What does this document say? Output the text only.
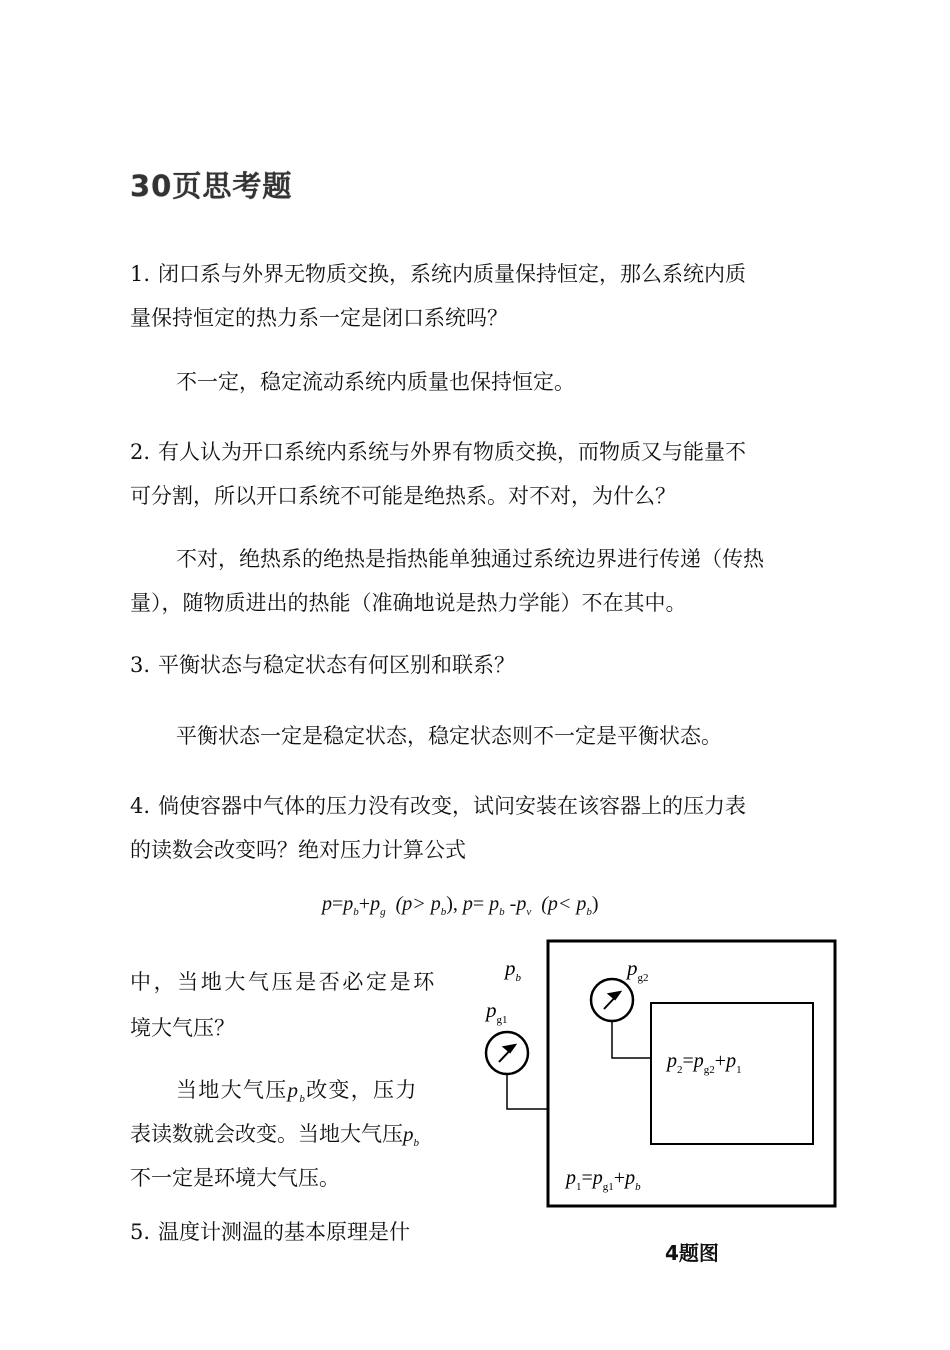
30页思考题
1. 闭口系与外界无物质交换，系统内质量保持恒定，那么系统内质
量保持恒定的热力系一定是闭口系统吗？
不一定，稳定流动系统内质量也保持恒定。
2. 有人认为开口系统内系统与外界有物质交换，而物质又与能量不
可分割，所以开口系统不可能是绝热系。对不对，为什么？
不对，绝热系的绝热是指热能单独通过系统边界进行传递（传热
量），随物质进出的热能（准确地说是热力学能）不在其中。
3. 平衡状态与稳定状态有何区别和联系？
平衡状态一定是稳定状态，稳定状态则不一定是平衡状态。
4. 倘使容器中气体的压力没有改变，试问安装在该容器上的压力表
的读数会改变吗？绝对压力计算公式
$p=p_b+p_g$ $(p> p_b)$, $p= p_b$ $-p_v$ $(p< p_b)$
中，当地大气压是否必定是环
境大气压？
当地大气压$p_b$改变，压力
表读数就会改变。当地大气压$p_b$
不一定是环境大气压。
5. 温度计测温的基本原理是什
$p_b$
$p_{g1}$
$p_{g2}$
$p_2=p_{g2}+p_1$
$p_1=p_{g1}+p_b$
4题图
